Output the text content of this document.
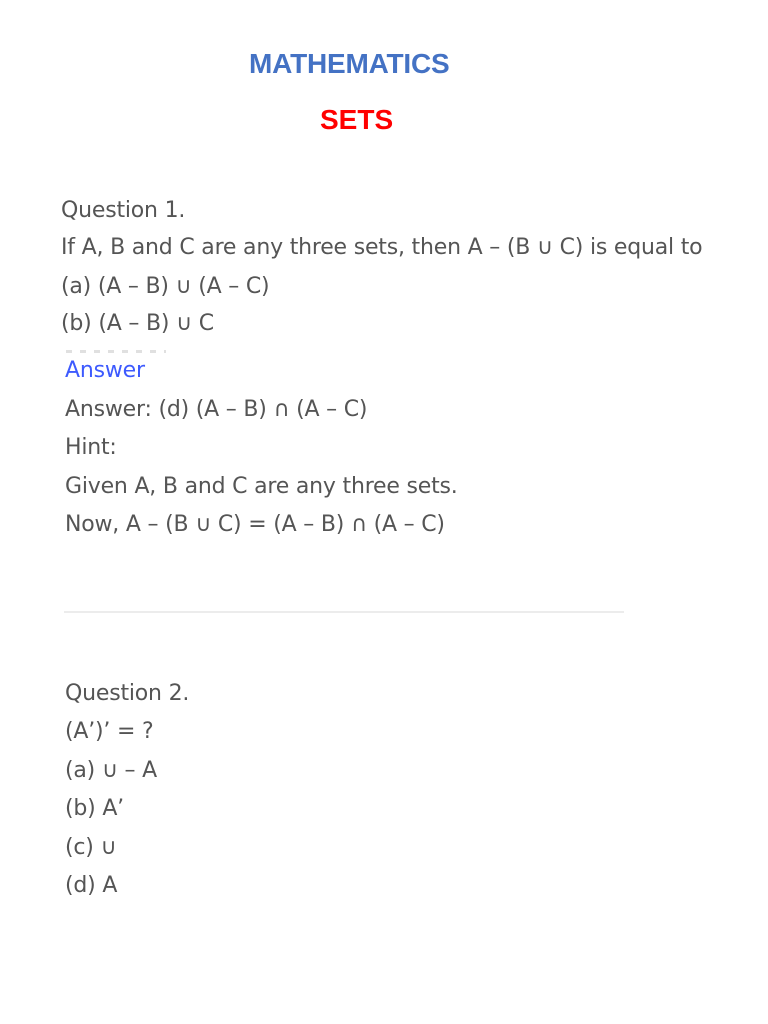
MATHEMATICS
SETS
Question 1.
If A, B and C are any three sets, then A – (B ∪ C) is equal to
(a) (A – B) ∪ (A – C)
(b) (A – B) ∪ C
Answer
Answer: (d) (A – B) ∩ (A – C)
Hint:
Given A, B and C are any three sets.
Now, A – (B ∪ C) = (A – B) ∩ (A – C)
Question 2.
(A’)’ = ?
(a) ∪ – A
(b) A’
(c) ∪
(d) A
